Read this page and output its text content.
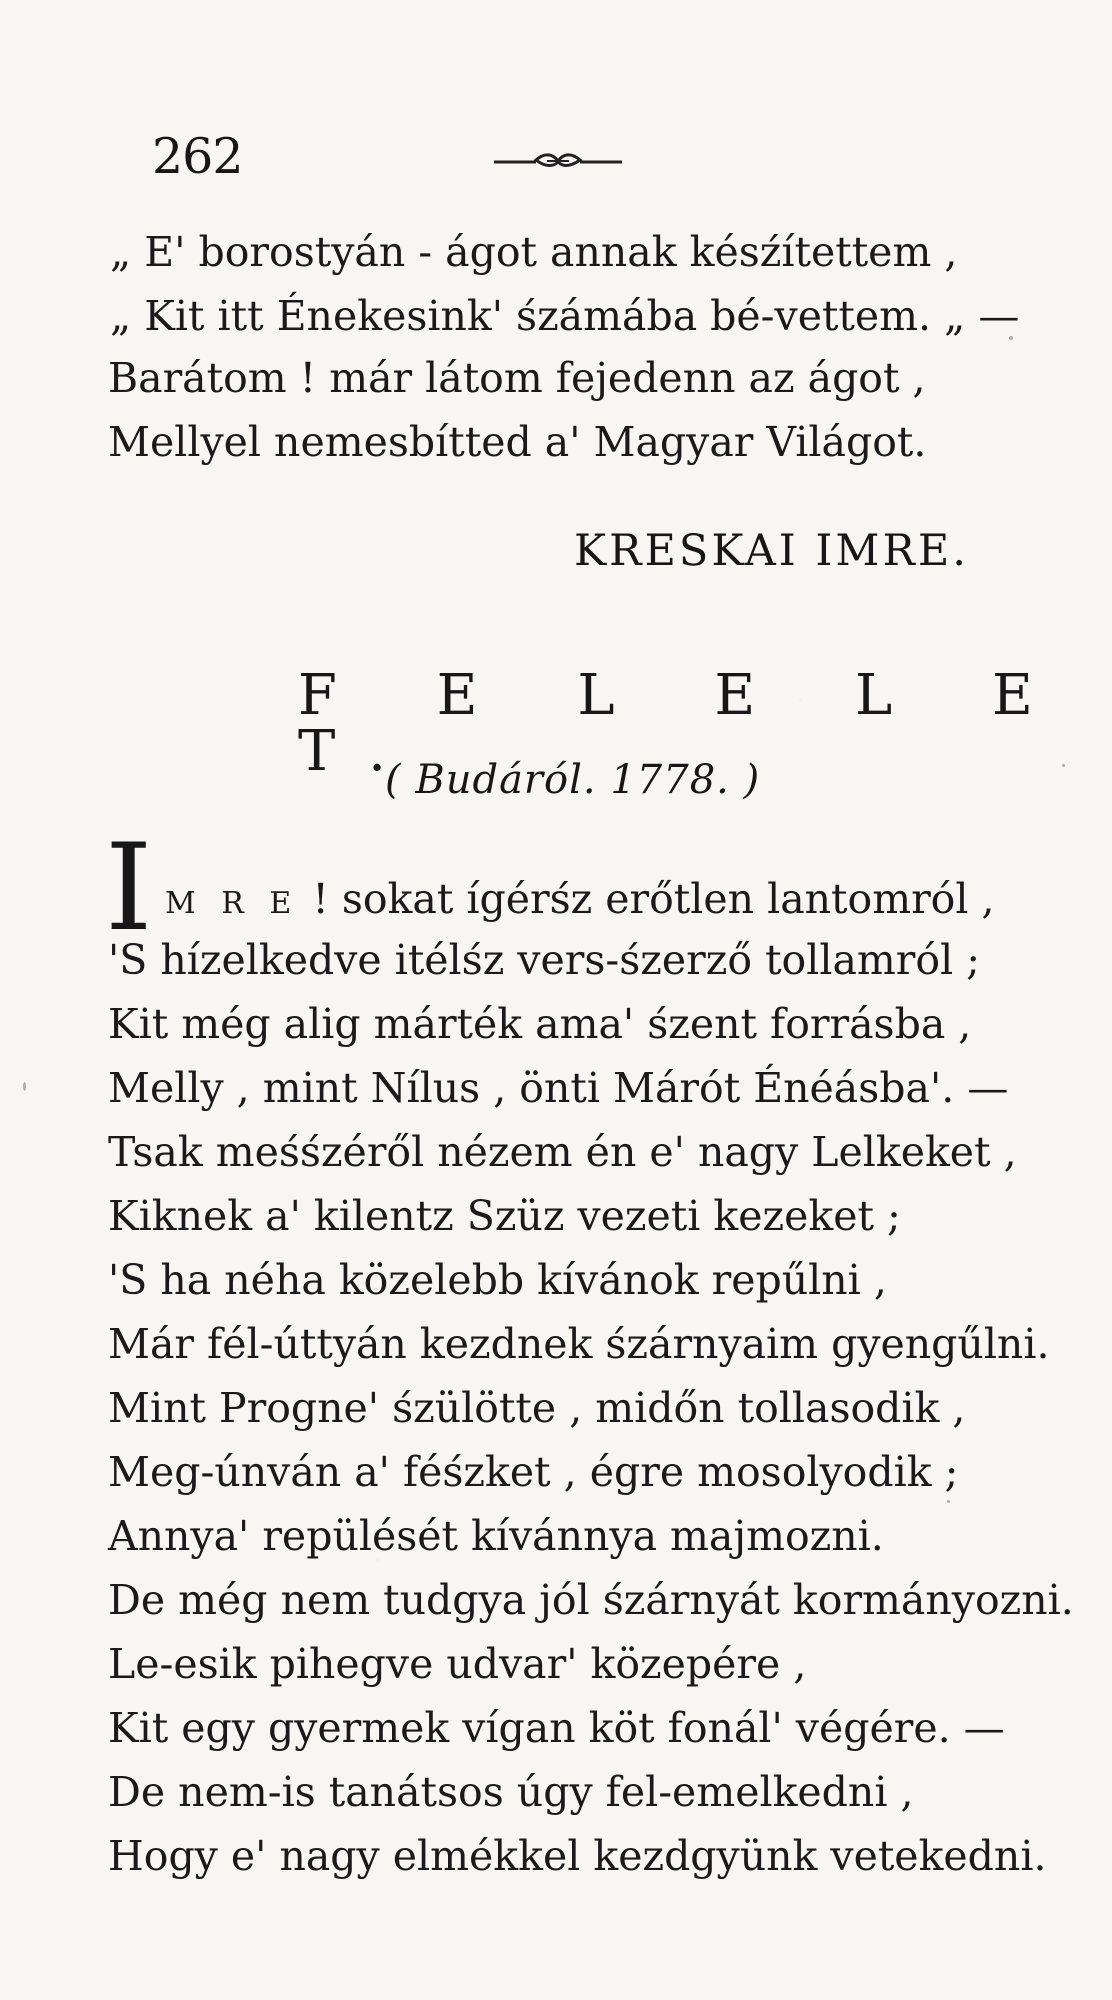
262
„ E' borostyán - ágot annak késźítettem ,
„ Kit itt Énekesink' śzámába bé-vettem. „ —
Barátom ! már látom fejedenn az ágot ,
Mellyel nemesbítted a' Magyar Világot.
KRESKAI IMRE.
F E L E L E T.
( Budáról. 1778. )
I M R E ! sokat ígérśz erőtlen lantomról ,
'S hízelkedve itélśz vers-śzerző tollamról ;
Kit még alig márték ama' śzent forrásba ,
Melly , mint Nílus , önti Márót Énéásba'. —
Tsak meśśzéről nézem én e' nagy Lelkeket ,
Kiknek a' kilentz Szüz vezeti kezeket ;
'S ha néha közelebb kívánok repűlni ,
Már fél-úttyán kezdnek śzárnyaim gyengűlni.
Mint Progne' śzülötte , midőn tollasodik ,
Meg-únván a' féśzket , égre mosolyodik ;
Annya' repülését kívánnya majmozni.
De még nem tudgya jól śzárnyát kormányozni.
Le-esik pihegve udvar' közepére ,
Kit egy gyermek vígan köt fonál' végére. —
De nem-is tanátsos úgy fel-emelkedni ,
Hogy e' nagy elmékkel kezdgyünk vetekedni.
